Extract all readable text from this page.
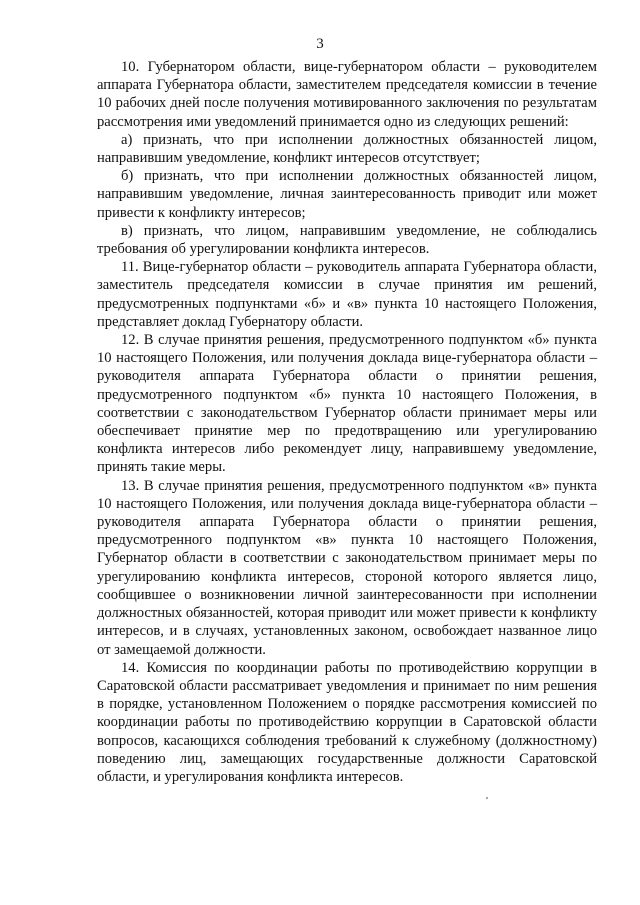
3

10. Губернатором области, вице-губернатором области – руководителем аппарата Губернатора области, заместителем председателя комиссии в течение 10 рабочих дней после получения мотивированного заключения по результатам рассмотрения ими уведомлений принимается одно из следующих решений:

а) признать, что при исполнении должностных обязанностей лицом, направившим уведомление, конфликт интересов отсутствует;

б) признать, что при исполнении должностных обязанностей лицом, направившим уведомление, личная заинтересованность приводит или может привести к конфликту интересов;

в) признать, что лицом, направившим уведомление, не соблюдались требования об урегулировании конфликта интересов.

11. Вице-губернатор области – руководитель аппарата Губернатора области, заместитель председателя комиссии в случае принятия им решений, предусмотренных подпунктами «б» и «в» пункта 10 настоящего Положения, представляет доклад Губернатору области.

12. В случае принятия решения, предусмотренного подпунктом «б» пункта 10 настоящего Положения, или получения доклада вице-губернатора области – руководителя аппарата Губернатора области о принятии решения, предусмотренного подпунктом «б» пункта 10 настоящего Положения, в соответствии с законодательством Губернатор области принимает меры или обеспечивает принятие мер по предотвращению или урегулированию конфликта интересов либо рекомендует лицу, направившему уведомление, принять такие меры.

13. В случае принятия решения, предусмотренного подпунктом «в» пункта 10 настоящего Положения, или получения доклада вице-губернатора области – руководителя аппарата Губернатора области о принятии решения, предусмотренного подпунктом «в» пункта 10 настоящего Положения, Губернатор области в соответствии с законодательством принимает меры по урегулированию конфликта интересов, стороной которого является лицо, сообщившее о возникновении личной заинтересованности при исполнении должностных обязанностей, которая приводит или может привести к конфликту интересов, и в случаях, установленных законом, освобождает названное лицо от замещаемой должности.

14. Комиссия по координации работы по противодействию коррупции в Саратовской области рассматривает уведомления и принимает по ним решения в порядке, установленном Положением о порядке рассмотрения комиссией по координации работы по противодействию коррупции в Саратовской области вопросов, касающихся соблюдения требований к служебному (должностному) поведению лиц, замещающих государственные должности Саратовской области, и урегулирования конфликта интересов.
